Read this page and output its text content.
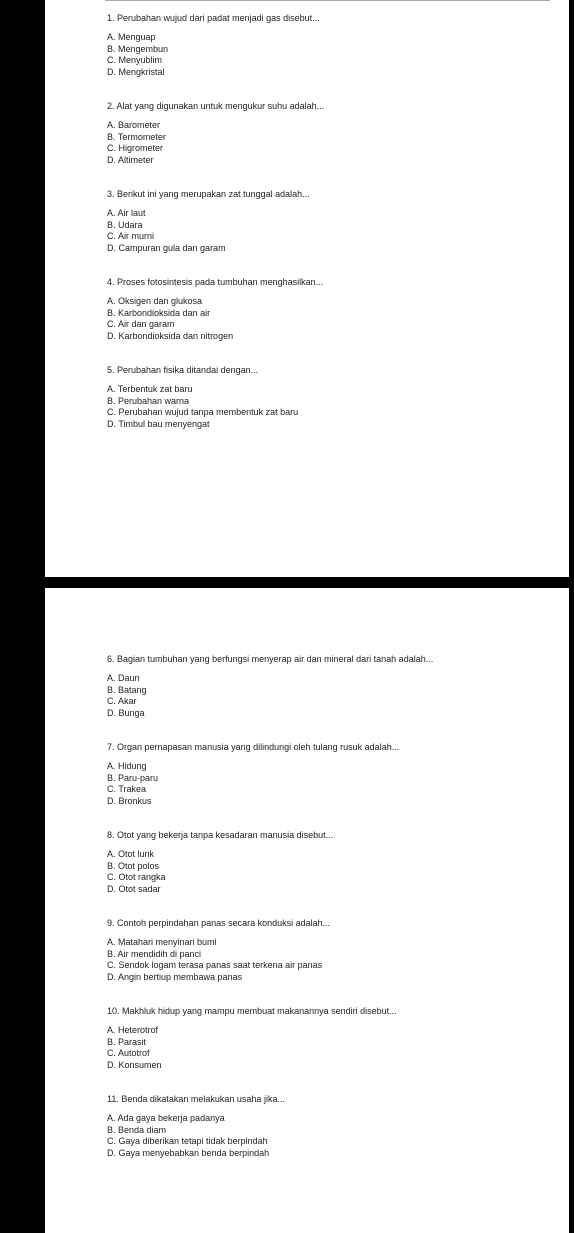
1. Perubahan wujud dari padat menjadi gas disebut...
A. Menguap
B. Mengembun
C. Menyublim
D. Mengkristal
2. Alat yang digunakan untuk mengukur suhu adalah...
A. Barometer
B. Termometer
C. Higrometer
D. Altimeter
3. Berikut ini yang merupakan zat tunggal adalah...
A. Air laut
B. Udara
C. Air murni
D. Campuran gula dan garam
4. Proses fotosintesis pada tumbuhan menghasilkan...
A. Oksigen dan glukosa
B. Karbondioksida dan air
C. Air dan garam
D. Karbondioksida dan nitrogen
5. Perubahan fisika ditandai dengan...
A. Terbentuk zat baru
B. Perubahan warna
C. Perubahan wujud tanpa membentuk zat baru
D. Timbul bau menyengat
6. Bagian tumbuhan yang berfungsi menyerap air dan mineral dari tanah adalah...
A. Daun
B. Batang
C. Akar
D. Bunga
7. Organ pernapasan manusia yang dilindungi oleh tulang rusuk adalah...
A. Hidung
B. Paru-paru
C. Trakea
D. Bronkus
8. Otot yang bekerja tanpa kesadaran manusia disebut...
A. Otot lurik
B. Otot polos
C. Otot rangka
D. Otot sadar
9. Contoh perpindahan panas secara konduksi adalah...
A. Matahari menyinari bumi
B. Air mendidih di panci
C. Sendok logam terasa panas saat terkena air panas
D. Angin bertiup membawa panas
10. Makhluk hidup yang mampu membuat makanannya sendiri disebut...
A. Heterotrof
B. Parasit
C. Autotrof
D. Konsumen
11. Benda dikatakan melakukan usaha jika...
A. Ada gaya bekerja padanya
B. Benda diam
C. Gaya diberikan tetapi tidak berpindah
D. Gaya menyebabkan benda berpindah
